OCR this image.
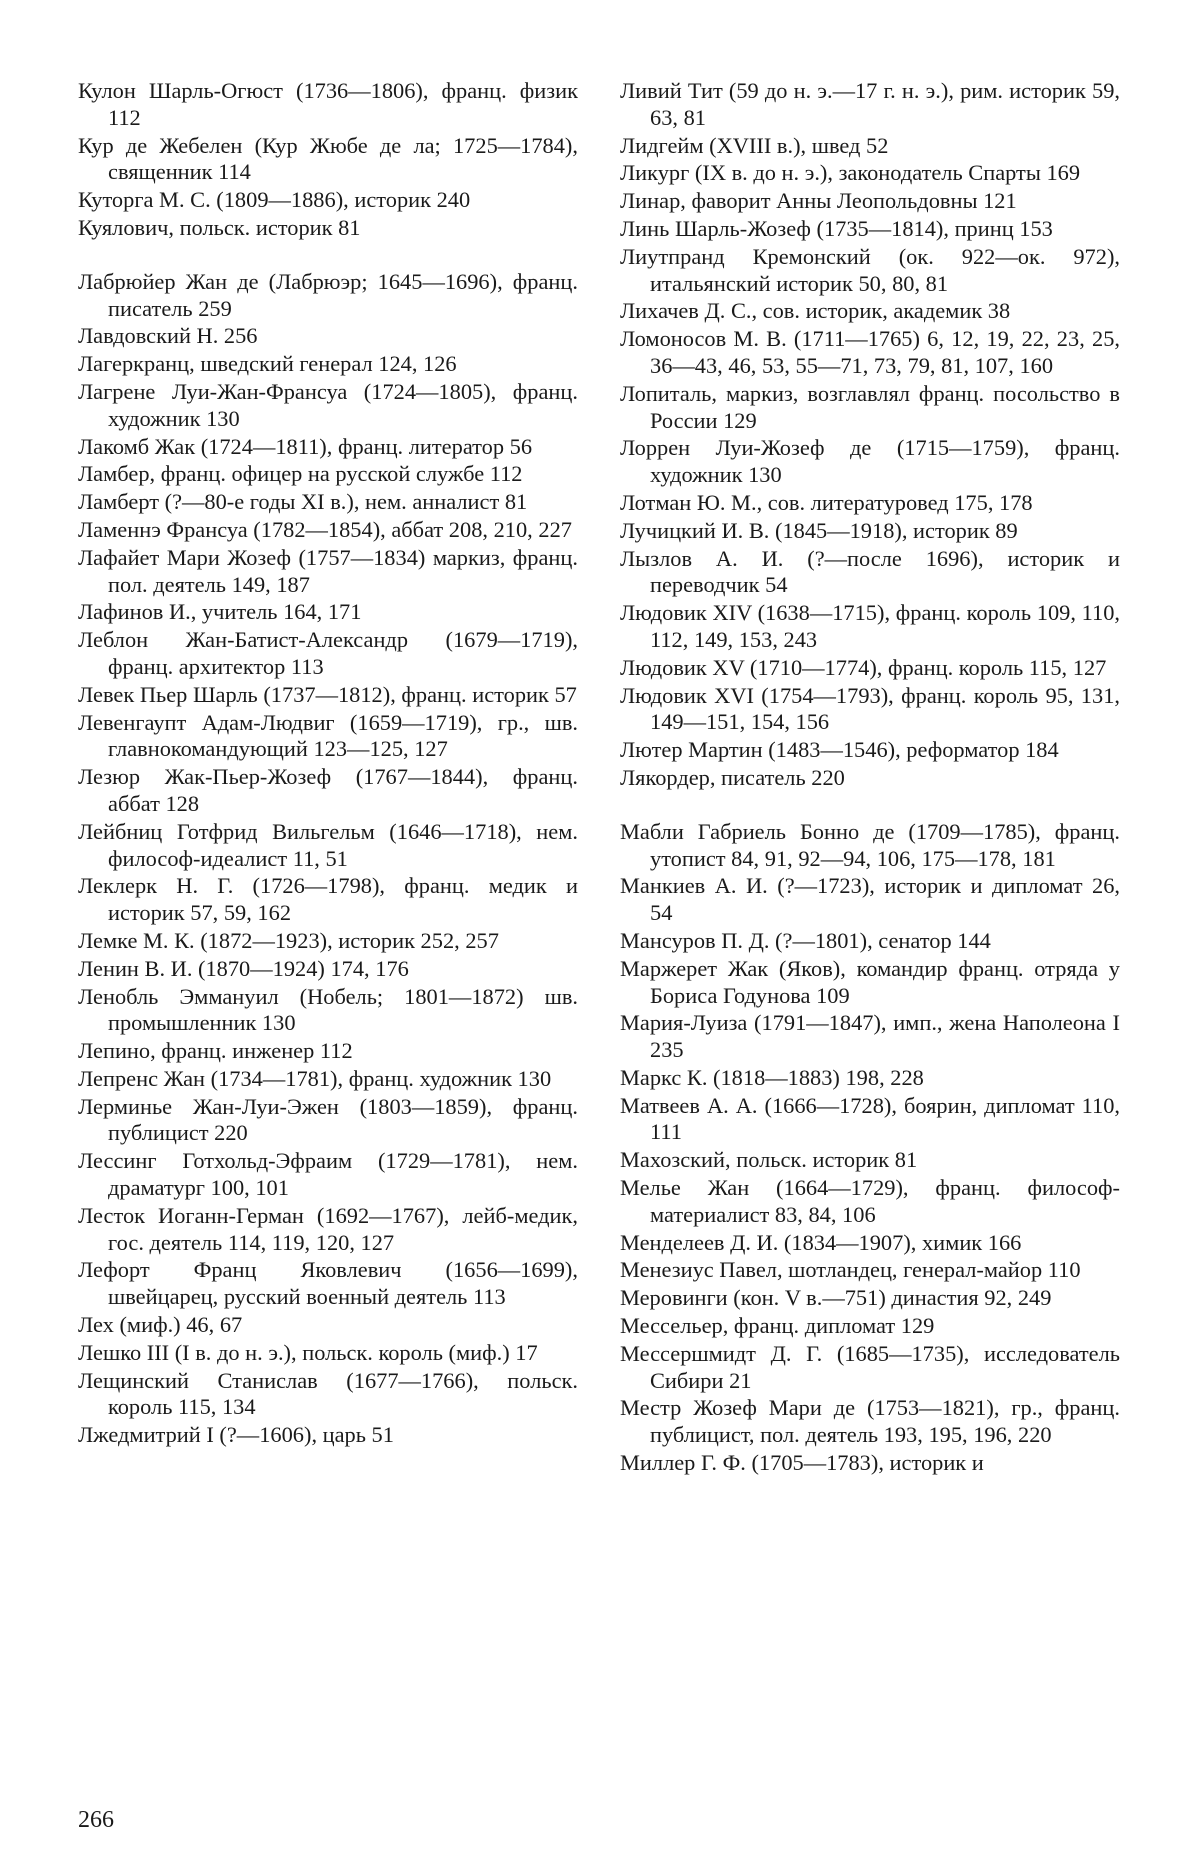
Кулон Шарль-Огюст (1736—1806), франц. физик 112
Кур де Жебелен (Кур Жюбе де ла; 1725—1784), священник 114
Куторга М. С. (1809—1886), историк 240
Куялович, польск. историк 81
Лабрюйер Жан де (Лабрюэр; 1645—1696), франц. писатель 259
Лавдовский Н. 256
Лагеркранц, шведский генерал 124, 126
Лагрене Луи-Жан-Франсуа (1724—1805), франц. художник 130
Лакомб Жак (1724—1811), франц. литератор 56
Ламбер, франц. офицер на русской службе 112
Ламберт (?—80-е годы XI в.), нем. анналист 81
Ламеннэ Франсуа (1782—1854), аббат 208, 210, 227
Лафайет Мари Жозеф (1757—1834) маркиз, франц. пол. деятель 149, 187
Лафинов И., учитель 164, 171
Леблон Жан-Батист-Александр (1679—1719), франц. архитектор 113
Левек Пьер Шарль (1737—1812), франц. историк 57
Левенгаупт Адам-Людвиг (1659—1719), гр., шв. главнокомандующий 123—125, 127
Лезюр Жак-Пьер-Жозеф (1767—1844), франц. аббат 128
Лейбниц Готфрид Вильгельм (1646—1718), нем. философ-идеалист 11, 51
Леклерк Н. Г. (1726—1798), франц. медик и историк 57, 59, 162
Лемке М. К. (1872—1923), историк 252, 257
Ленин В. И. (1870—1924) 174, 176
Ленобль Эммануил (Нобель; 1801—1872) шв. промышленник 130
Лепино, франц. инженер 112
Лепренс Жан (1734—1781), франц. художник 130
Лерминье Жан-Луи-Эжен (1803—1859), франц. публицист 220
Лессинг Готхольд-Эфраим (1729—1781), нем. драматург 100, 101
Лесток Иоганн-Герман (1692—1767), лейб-медик, гос. деятель 114, 119, 120, 127
Лефорт Франц Яковлевич (1656—1699), швейцарец, русский военный деятель 113
Лех (миф.) 46, 67
Лешко III (I в. до н. э.), польск. король (миф.) 17
Лещинский Станислав (1677—1766), польск. король 115, 134
Лжедмитрий I (?—1606), царь 51
Ливий Тит (59 до н. э.—17 г. н. э.), рим. историк 59, 63, 81
Лидгейм (XVIII в.), швед 52
Ликург (IX в. до н. э.), законодатель Спарты 169
Линар, фаворит Анны Леопольдовны 121
Линь Шарль-Жозеф (1735—1814), принц 153
Лиутпранд Кремонский (ок. 922—ок. 972), итальянский историк 50, 80, 81
Лихачев Д. С., сов. историк, академик 38
Ломоносов М. В. (1711—1765) 6, 12, 19, 22, 23, 25, 36—43, 46, 53, 55—71, 73, 79, 81, 107, 160
Лопиталь, маркиз, возглавлял франц. посольство в России 129
Лоррен Луи-Жозеф де (1715—1759), франц. художник 130
Лотман Ю. М., сов. литературовед 175, 178
Лучицкий И. В. (1845—1918), историк 89
Лызлов А. И. (?—после 1696), историк и переводчик 54
Людовик XIV (1638—1715), франц. король 109, 110, 112, 149, 153, 243
Людовик XV (1710—1774), франц. король 115, 127
Людовик XVI (1754—1793), франц. король 95, 131, 149—151, 154, 156
Лютер Мартин (1483—1546), реформатор 184
Лякордер, писатель 220
Мабли Габриель Бонно де (1709—1785), франц. утопист 84, 91, 92—94, 106, 175—178, 181
Манкиев А. И. (?—1723), историк и дипломат 26, 54
Мансуров П. Д. (?—1801), сенатор 144
Маржерет Жак (Яков), командир франц. отряда у Бориса Годунова 109
Мария-Луиза (1791—1847), имп., жена Наполеона I 235
Маркс К. (1818—1883) 198, 228
Матвеев А. А. (1666—1728), боярин, дипломат 110, 111
Махозский, польск. историк 81
Мелье Жан (1664—1729), франц. философ-материалист 83, 84, 106
Менделеев Д. И. (1834—1907), химик 166
Менезиус Павел, шотландец, генерал-майор 110
Меровинги (кон. V в.—751) династия 92, 249
Мессельер, франц. дипломат 129
Мессершмидт Д. Г. (1685—1735), исследователь Сибири 21
Местр Жозеф Мари де (1753—1821), гр., франц. публицист, пол. деятель 193, 195, 196, 220
Миллер Г. Ф. (1705—1783), историк и
266
